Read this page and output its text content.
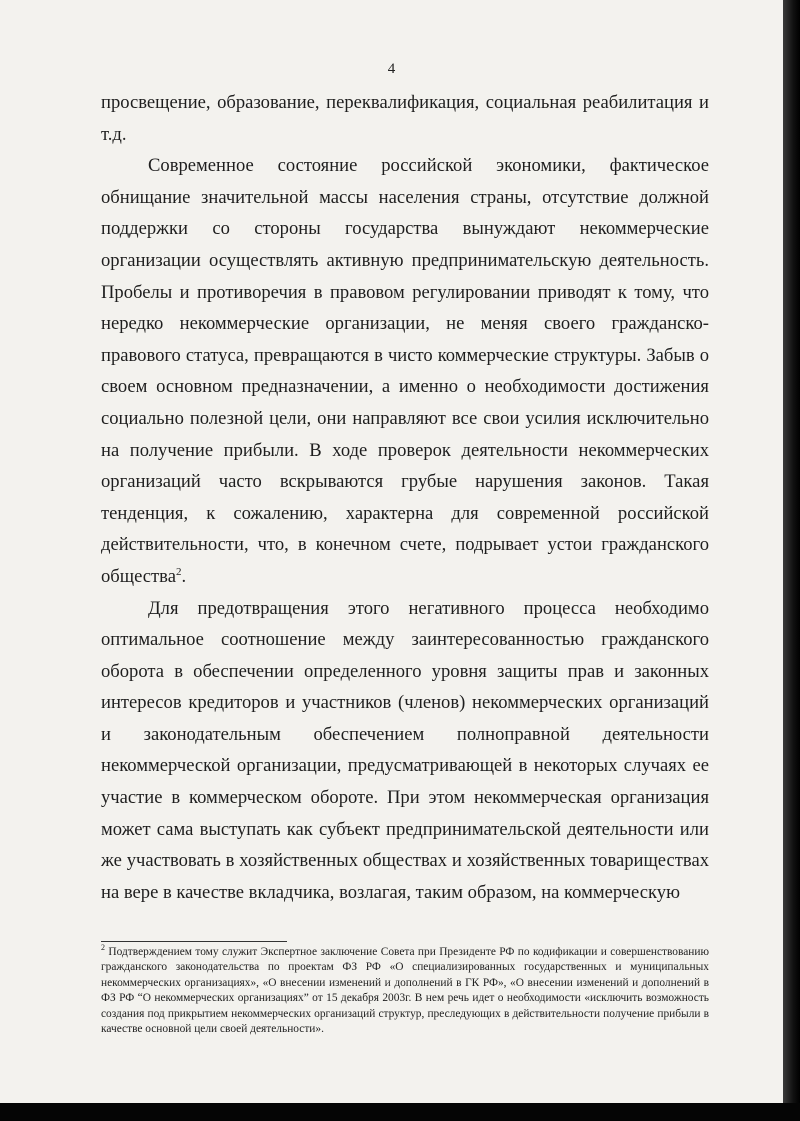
4

просвещение, образование, переквалификация, социальная реабилитация и т.д.

Современное состояние российской экономики, фактическое обнищание значительной массы населения страны, отсутствие должной поддержки со стороны государства вынуждают некоммерческие организации осуществлять активную предпринимательскую деятельность. Пробелы и противоречия в правовом регулировании приводят к тому, что нередко некоммерческие организации, не меняя своего гражданско-правового статуса, превращаются в чисто коммерческие структуры. Забыв о своем основном предназначении, а именно о необходимости достижения социально полезной цели, они направляют все свои усилия исключительно на получение прибыли. В ходе проверок деятельности некоммерческих организаций часто вскрываются грубые нарушения законов. Такая тенденция, к сожалению, характерна для современной российской действительности, что, в конечном счете, подрывает устои гражданского общества$^2$.

Для предотвращения этого негативного процесса необходимо оптимальное соотношение между заинтересованностью гражданского оборота в обеспечении определенного уровня защиты прав и законных интересов кредиторов и участников (членов) некоммерческих организаций и законодательным обеспечением полноправной деятельности некоммерческой организации, предусматривающей в некоторых случаях ее участие в коммерческом обороте. При этом некоммерческая организация может сама выступать как субъект предпринимательской деятельности или же участвовать в хозяйственных обществах и хозяйственных товариществах на вере в качестве вкладчика, возлагая, таким образом, на коммерческую

$^2$ Подтверждением тому служит Экспертное заключение Совета при Президенте РФ по кодификации и совершенствованию гражданского законодательства по проектам ФЗ РФ «О специализированных государственных и муниципальных некоммерческих организациях», «О внесении изменений и дополнений в ГК РФ», «О внесении изменений и дополнений в ФЗ РФ “О некоммерческих организациях” от 15 декабря 2003г. В нем речь идет о необходимости «исключить возможность создания под прикрытием некоммерческих организаций структур, преследующих в действительности получение прибыли в качестве основной цели своей деятельности».
